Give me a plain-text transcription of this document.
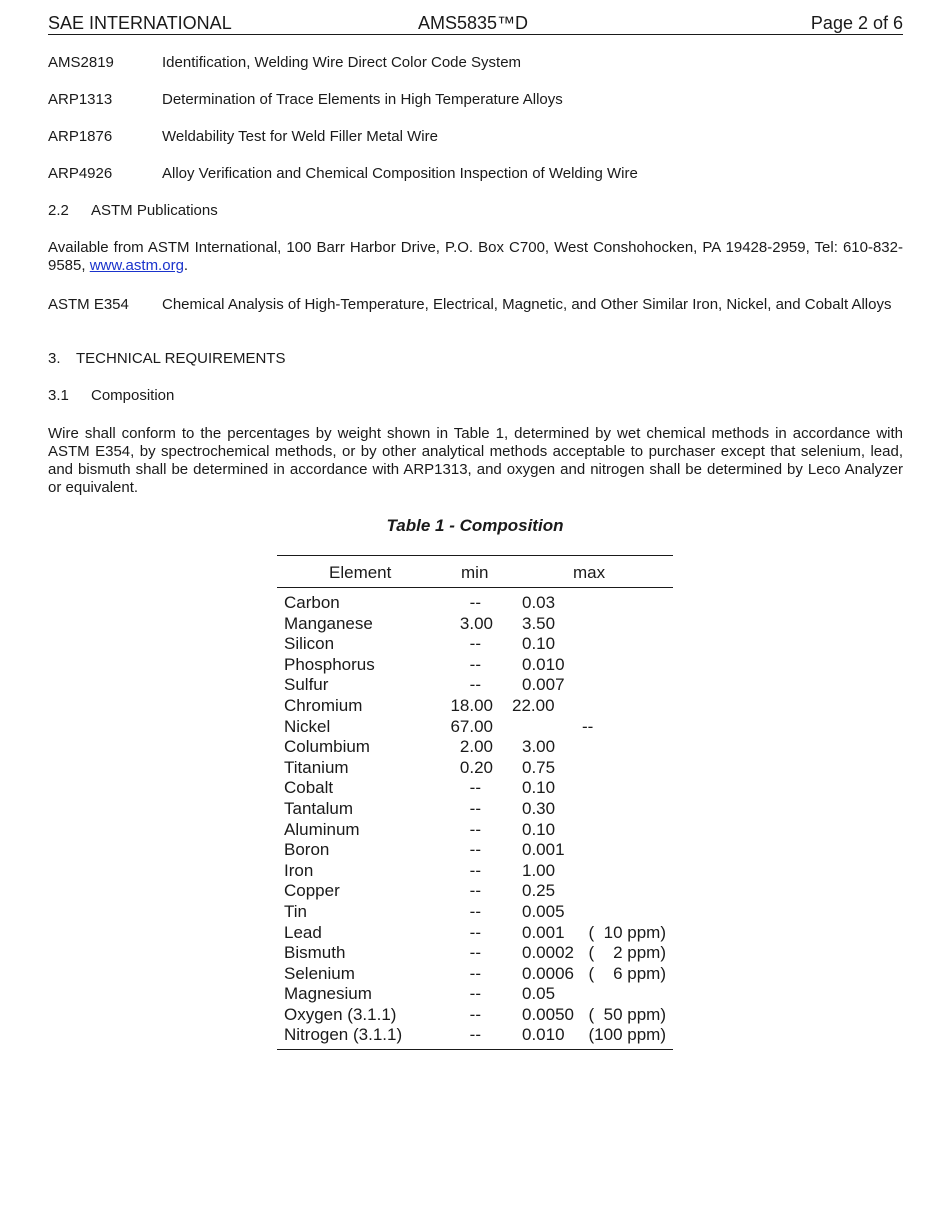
SAE INTERNATIONAL	AMS5835™D	Page 2 of 6
AMS2819	Identification, Welding Wire Direct Color Code System
ARP1313	Determination of Trace Elements in High Temperature Alloys
ARP1876	Weldability Test for Weld Filler Metal Wire
ARP4926	Alloy Verification and Chemical Composition Inspection of Welding Wire
2.2 ASTM Publications
Available from ASTM International, 100 Barr Harbor Drive, P.O. Box C700, West Conshohocken, PA 19428-2959, Tel: 610-832-9585, www.astm.org.
ASTM E354 Chemical Analysis of High-Temperature, Electrical, Magnetic, and Other Similar Iron, Nickel, and Cobalt Alloys
3. TECHNICAL REQUIREMENTS
3.1 Composition
Wire shall conform to the percentages by weight shown in Table 1, determined by wet chemical methods in accordance with ASTM E354, by spectrochemical methods, or by other analytical methods acceptable to purchaser except that selenium, lead, and bismuth shall be determined in accordance with ARP1313, and oxygen and nitrogen shall be determined by Leco Analyzer or equivalent.
Table 1 - Composition
Element	min	max
Carbon	-- 0.03
Manganese	3.00 3.50
Silicon	-- 0.10
Phosphorus	-- 0.010
Sulfur	-- 0.007
Chromium	18.00 22.00
Nickel	67.00	--
Columbium	2.00 3.00
Titanium	0.20 0.75
Cobalt	-- 0.10
Tantalum	-- 0.30
Aluminum	-- 0.10
Boron	-- 0.001
Iron	-- 1.00
Copper	-- 0.25
Tin	-- 0.005
Lead	-- 0.001 (  10 ppm)
Bismuth	-- 0.0002 (    2 ppm)
Selenium	-- 0.0006 (    6 ppm)
Magnesium	-- 0.05
Oxygen (3.1.1)	-- 0.0050 (  50 ppm)
Nitrogen (3.1.1)	-- 0.010 (100 ppm)
